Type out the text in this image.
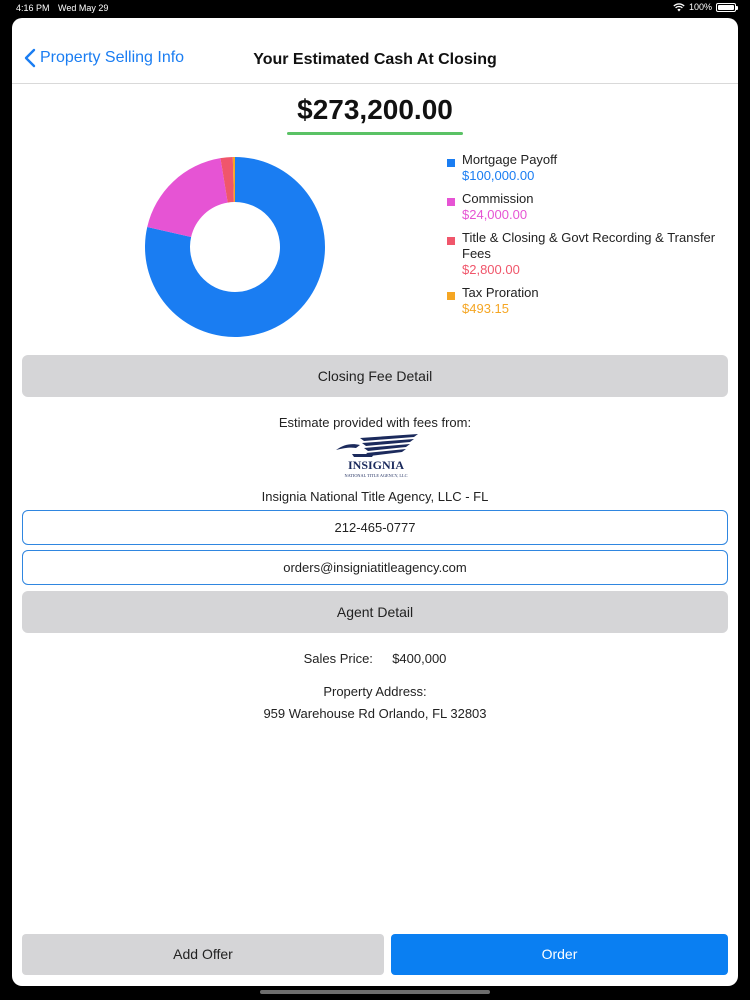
4:16 PM Wed May 29	100%
Property Selling Info	Your Estimated Cash At Closing
$273,200.00
Mortgage Payoff
$100,000.00
Commission
$24,000.00
Title & Closing & Govt Recording & Transfer Fees
$2,800.00
Tax Proration
$493.15
Closing Fee Detail
Estimate provided with fees from:
INSIGNIA
NATIONAL TITLE AGENCY, LLC
Insignia National Title Agency, LLC - FL
212-465-0777
orders@insigniatitleagency.com
Agent Detail
Sales Price: $400,000
Property Address:
959 Warehouse Rd Orlando, FL 32803
Add Offer	Order
